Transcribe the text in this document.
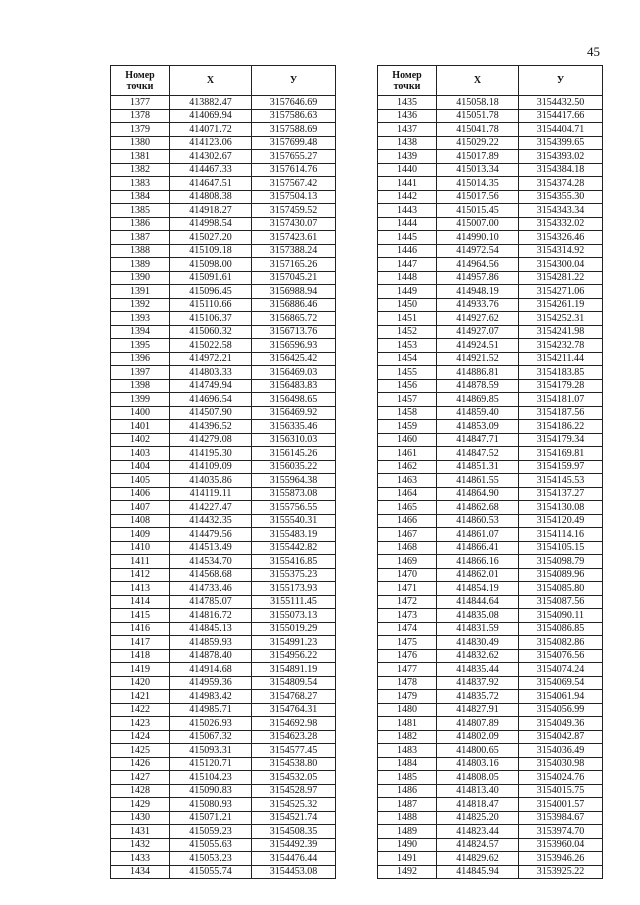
45
Номер точки	X	У
1377	413882.47	3157646.69
1378	414069.94	3157586.63
1379	414071.72	3157588.69
1380	414123.06	3157699.48
1381	414302.67	3157655.27
1382	414467.33	3157614.76
1383	414647.51	3157567.42
1384	414808.38	3157504.13
1385	414918.27	3157459.52
1386	414998.54	3157430.07
1387	415027.20	3157423.61
1388	415109.18	3157388.24
1389	415098.00	3157165.26
1390	415091.61	3157045.21
1391	415096.45	3156988.94
1392	415110.66	3156886.46
1393	415106.37	3156865.72
1394	415060.32	3156713.76
1395	415022.58	3156596.93
1396	414972.21	3156425.42
1397	414803.33	3156469.03
1398	414749.94	3156483.83
1399	414696.54	3156498.65
1400	414507.90	3156469.92
1401	414396.52	3156335.46
1402	414279.08	3156310.03
1403	414195.30	3156145.26
1404	414109.09	3156035.22
1405	414035.86	3155964.38
1406	414119.11	3155873.08
1407	414227.47	3155756.55
1408	414432.35	3155540.31
1409	414479.56	3155483.19
1410	414513.49	3155442.82
1411	414534.70	3155416.85
1412	414568.68	3155375.23
1413	414733.46	3155173.93
1414	414785.07	3155111.45
1415	414816.72	3155073.13
1416	414845.13	3155019.29
1417	414859.93	3154991.23
1418	414878.40	3154956.22
1419	414914.68	3154891.19
1420	414959.36	3154809.54
1421	414983.42	3154768.27
1422	414985.71	3154764.31
1423	415026.93	3154692.98
1424	415067.32	3154623.28
1425	415093.31	3154577.45
1426	415120.71	3154538.80
1427	415104.23	3154532.05
1428	415090.83	3154528.97
1429	415080.93	3154525.32
1430	415071.21	3154521.74
1431	415059.23	3154508.35
1432	415055.63	3154492.39
1433	415053.23	3154476.44
1434	415055.74	3154453.08
Номер точки	X	У
1435	415058.18	3154432.50
1436	415051.78	3154417.66
1437	415041.78	3154404.71
1438	415029.22	3154399.65
1439	415017.89	3154393.02
1440	415013.34	3154384.18
1441	415014.35	3154374.28
1442	415017.56	3154355.30
1443	415015.45	3154343.34
1444	415007.00	3154332.02
1445	414990.10	3154326.46
1446	414972.54	3154314.92
1447	414964.56	3154300.04
1448	414957.86	3154281.22
1449	414948.19	3154271.06
1450	414933.76	3154261.19
1451	414927.62	3154252.31
1452	414927.07	3154241.98
1453	414924.51	3154232.78
1454	414921.52	3154211.44
1455	414886.81	3154183.85
1456	414878.59	3154179.28
1457	414869.85	3154181.07
1458	414859.40	3154187.56
1459	414853.09	3154186.22
1460	414847.71	3154179.34
1461	414847.52	3154169.81
1462	414851.31	3154159.97
1463	414861.55	3154145.53
1464	414864.90	3154137.27
1465	414862.68	3154130.08
1466	414860.53	3154120.49
1467	414861.07	3154114.16
1468	414866.41	3154105.15
1469	414866.16	3154098.79
1470	414862.01	3154089.96
1471	414854.19	3154085.80
1472	414844.64	3154087.56
1473	414835.08	3154090.11
1474	414831.59	3154086.85
1475	414830.49	3154082.86
1476	414832.62	3154076.56
1477	414835.44	3154074.24
1478	414837.92	3154069.54
1479	414835.72	3154061.94
1480	414827.91	3154056.99
1481	414807.89	3154049.36
1482	414802.09	3154042.87
1483	414800.65	3154036.49
1484	414803.16	3154030.98
1485	414808.05	3154024.76
1486	414813.40	3154015.75
1487	414818.47	3154001.57
1488	414825.20	3153984.67
1489	414823.44	3153974.70
1490	414824.57	3153960.04
1491	414829.62	3153946.26
1492	414845.94	3153925.22
